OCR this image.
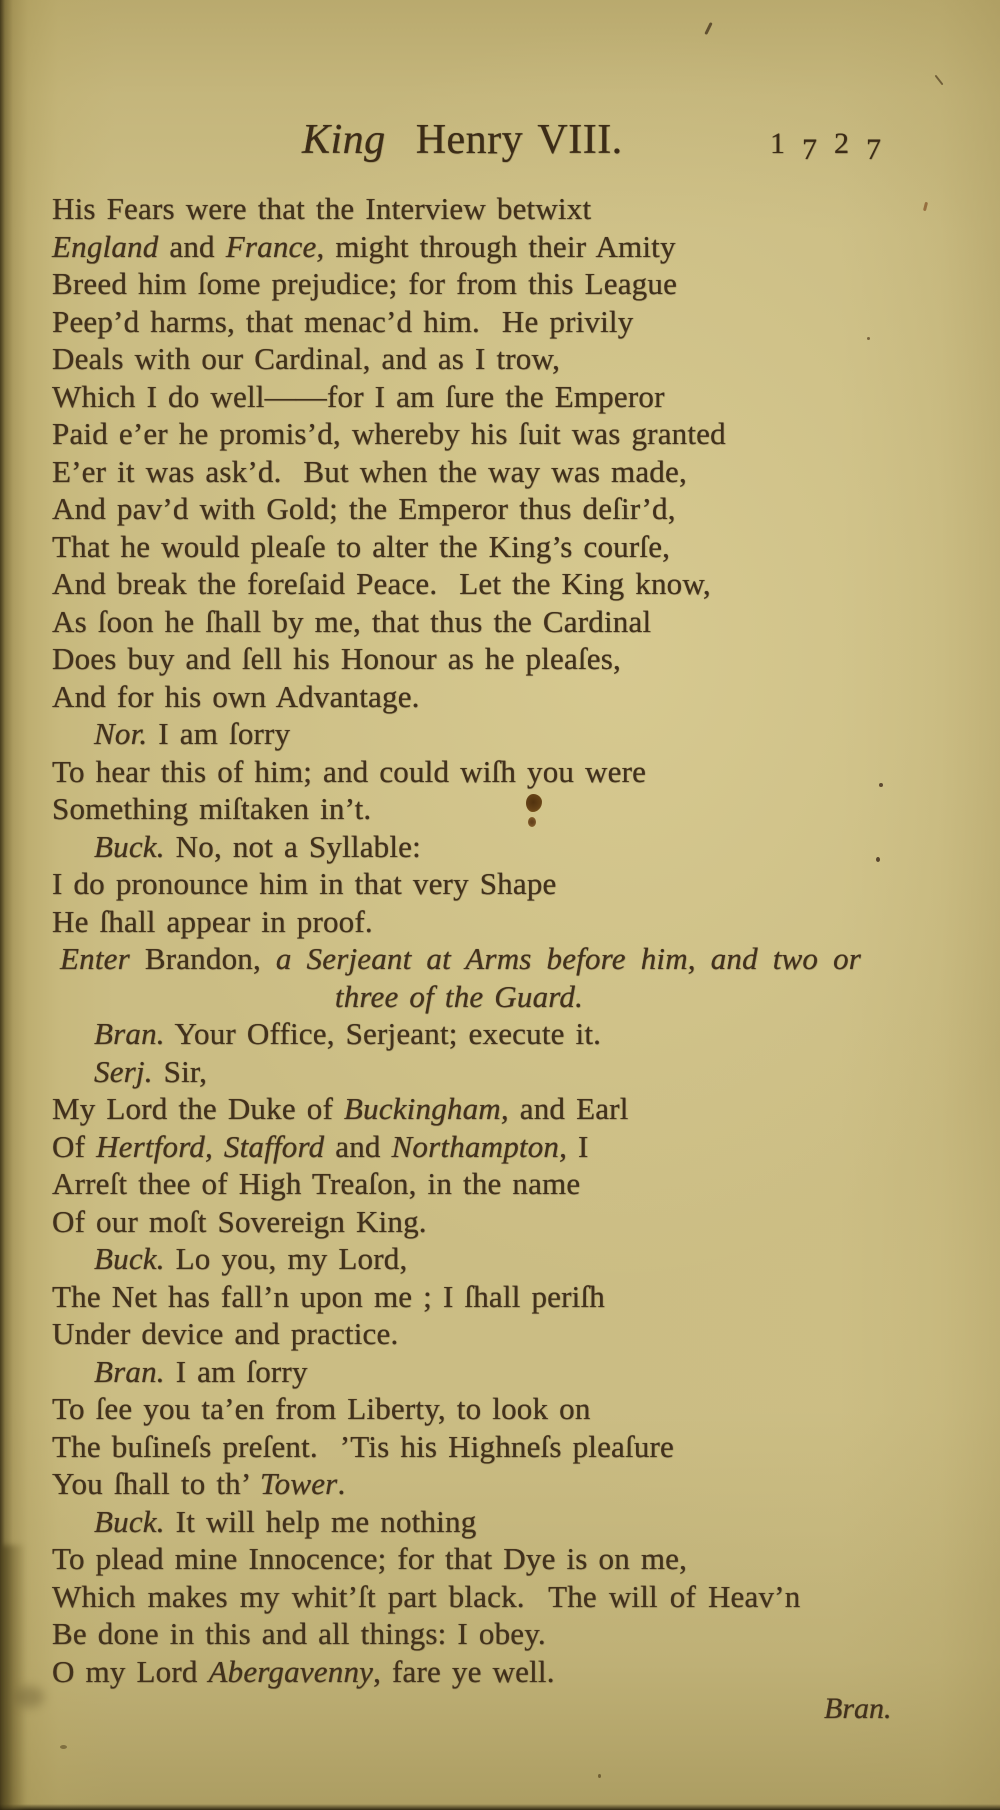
King  Henry VIII.	1727
His Fears were that the Interview betwixt
England and France, might through their Amity
Breed him ſome prejudice; for from this League
Peep’d harms, that menac’d him.  He privily
Deals with our Cardinal, and as I trow,
Which I do well——for I am ſure the Emperor
Paid e’er he promis’d, whereby his ſuit was granted
E’er it was ask’d.  But when the way was made,
And pav’d with Gold; the Emperor thus deſir’d,
That he would pleaſe to alter the King’s courſe,
And break the foreſaid Peace.  Let the King know,
As ſoon he ſhall by me, that thus the Cardinal
Does buy and ſell his Honour as he pleaſes,
And for his own Advantage.
Nor. I am ſorry
To hear this of him; and could wiſh you were
Something miſtaken in’t.
Buck. No, not a Syllable:
I do pronounce him in that very Shape
He ſhall appear in proof.
Enter Brandon, a Serjeant at Arms before him, and two or
three of the Guard.
Bran. Your Office, Serjeant; execute it.
Serj. Sir,
My Lord the Duke of Buckingham, and Earl
Of Hertford, Stafford and Northampton, I
Arreſt thee of High Treaſon, in the name
Of our moſt Sovereign King.
Buck. Lo you, my Lord,
The Net has fall’n upon me ; I ſhall periſh
Under device and practice.
Bran. I am ſorry
To ſee you ta’en from Liberty, to look on
The buſineſs preſent.  ’Tis his Highneſs pleaſure
You ſhall to th’ Tower.
Buck. It will help me nothing
To plead mine Innocence; for that Dye is on me,
Which makes my whit’ſt part black.  The will of Heav’n
Be done in this and all things: I obey.
O my Lord Abergavenny, fare ye well.
Bran.
